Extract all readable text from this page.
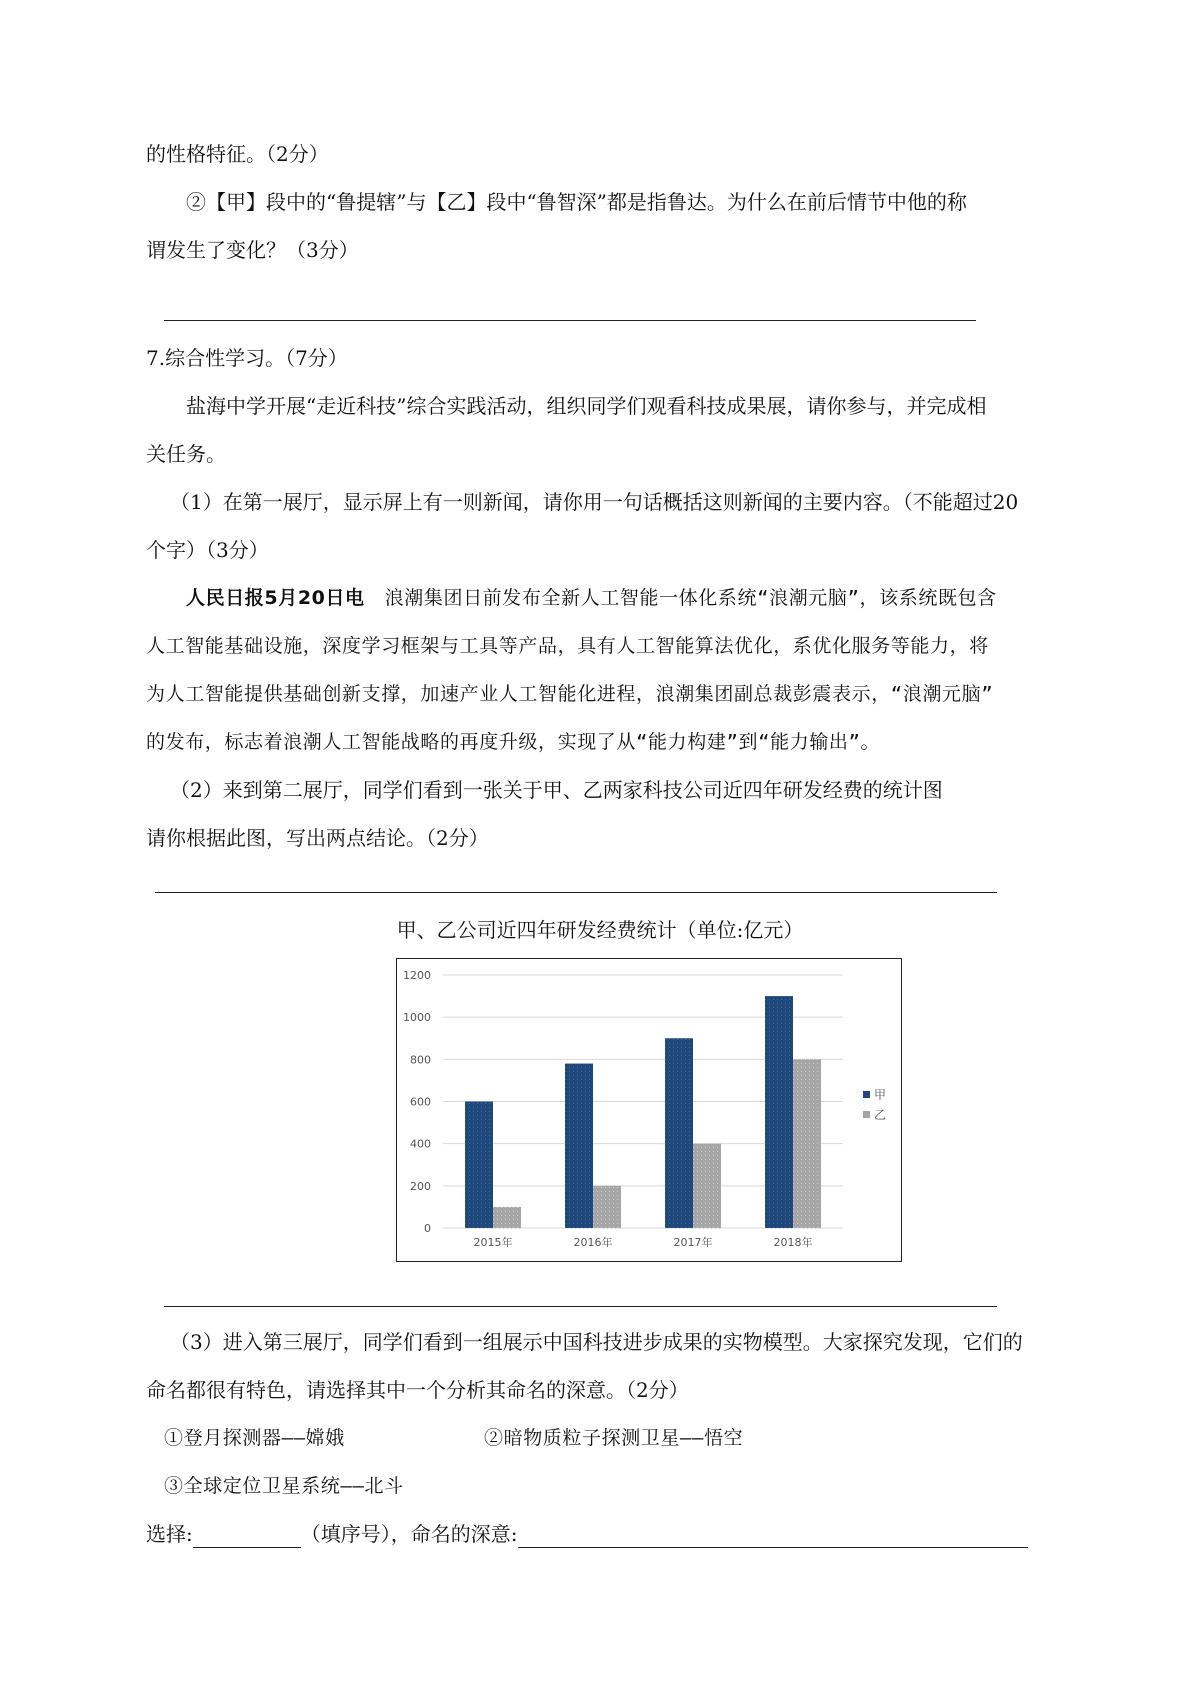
的性格特征。（2分）
②【甲】段中的“鲁提辖”与【乙】段中“鲁智深”都是指鲁达。为什么在前后情节中他的称
谓发生了变化？（3分）
7.综合性学习。（7分）
盐海中学开展“走近科技”综合实践活动，组织同学们观看科技成果展，请你参与，并完成相
关任务。
（1）在第一展厅，显示屏上有一则新闻，请你用一句话概括这则新闻的主要内容。（不能超过20
个字）（3分）
人民日报5月20日电 浪潮集团日前发布全新人工智能一体化系统“浪潮元脑”，该系统既包含
人工智能基础设施，深度学习框架与工具等产品，具有人工智能算法优化，系优化服务等能力，将
为人工智能提供基础创新支撑，加速产业人工智能化进程，浪潮集团副总裁彭震表示，“浪潮元脑”
的发布，标志着浪潮人工智能战略的再度升级，实现了从“能力构建”到“能力输出”。
（2）来到第二展厅，同学们看到一张关于甲、乙两家科技公司近四年研发经费的统计图
请你根据此图，写出两点结论。（2分）
甲、乙公司近四年研发经费统计（单位:亿元）
0
200
400
600
800
1000
1200
2015年	2016年	2017年	2018年
甲
乙
（3）进入第三展厅，同学们看到一组展示中国科技进步成果的实物模型。大家探究发现，它们的
命名都很有特色，请选择其中一个分析其命名的深意。（2分）
①登月探测器——嫦娥	②暗物质粒子探测卫星——悟空
③全球定位卫星系统——北斗
选择:	（填序号），命名的深意:
